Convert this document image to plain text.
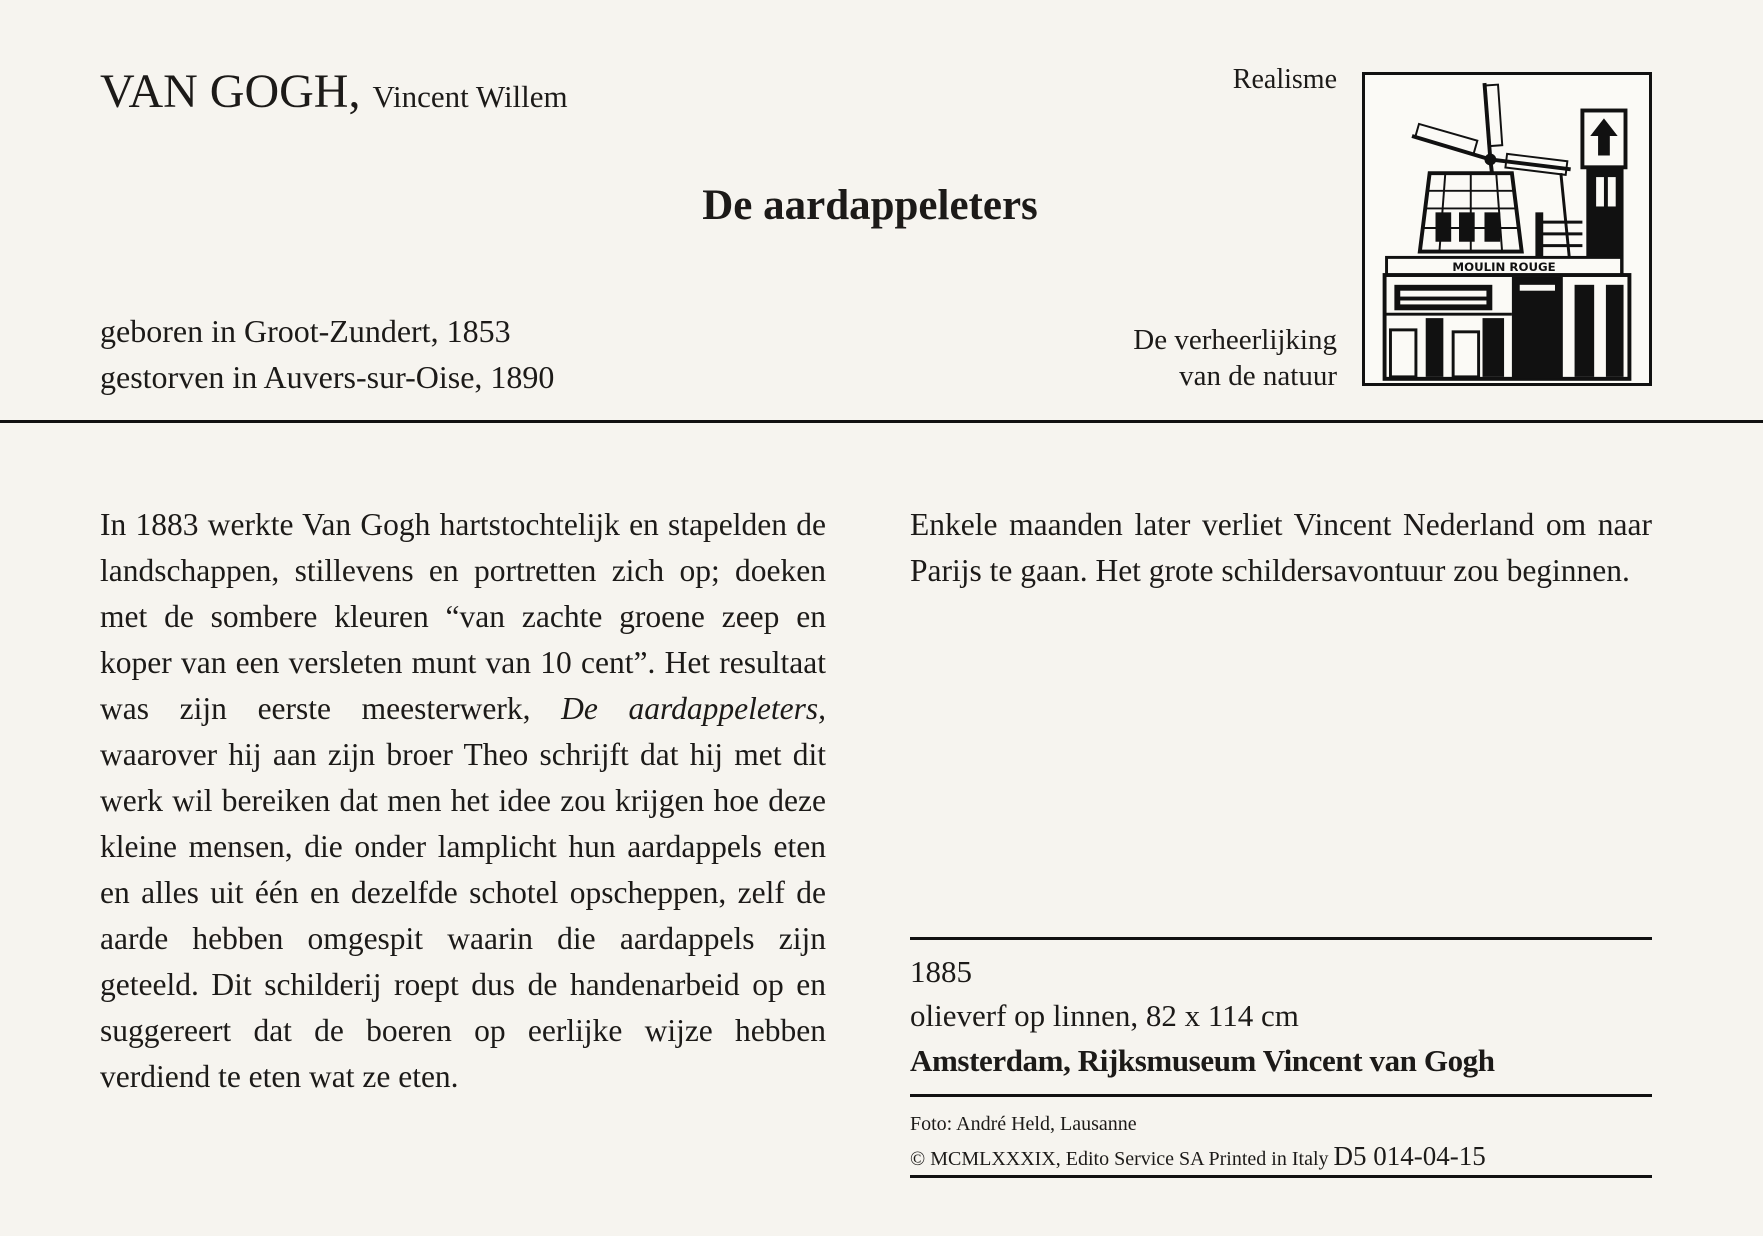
VAN GOGH, Vincent Willem	Realisme
De aardappeleters
geboren in Groot-Zundert, 1853
gestorven in Auvers-sur-Oise, 1890
De verheerlijking
van de natuur
MOULIN ROUGE

In 1883 werkte Van Gogh hartstochtelijk en stapelden de landschappen, stillevens en portretten zich op; doeken met de sombere kleuren “van zachte groene zeep en koper van een versleten munt van 10 cent”. Het resultaat was zijn eerste meesterwerk, De aardappeleters, waarover hij aan zijn broer Theo schrijft dat hij met dit werk wil bereiken dat men het idee zou krijgen hoe deze kleine mensen, die onder lamplicht hun aardappels eten en alles uit één en dezelfde schotel opscheppen, zelf de aarde hebben omgespit waarin die aardappels zijn geteeld. Dit schilderij roept dus de handenarbeid op en suggereert dat de boeren op eerlijke wijze hebben verdiend te eten wat ze eten.

Enkele maanden later verliet Vincent Nederland om naar Parijs te gaan. Het grote schildersavontuur zou beginnen.

1885
olieverf op linnen, 82 x 114 cm
Amsterdam, Rijksmuseum Vincent van Gogh
Foto: André Held, Lausanne
© MCMLXXXIX, Edito Service SA Printed in Italy D5 014-04-15
